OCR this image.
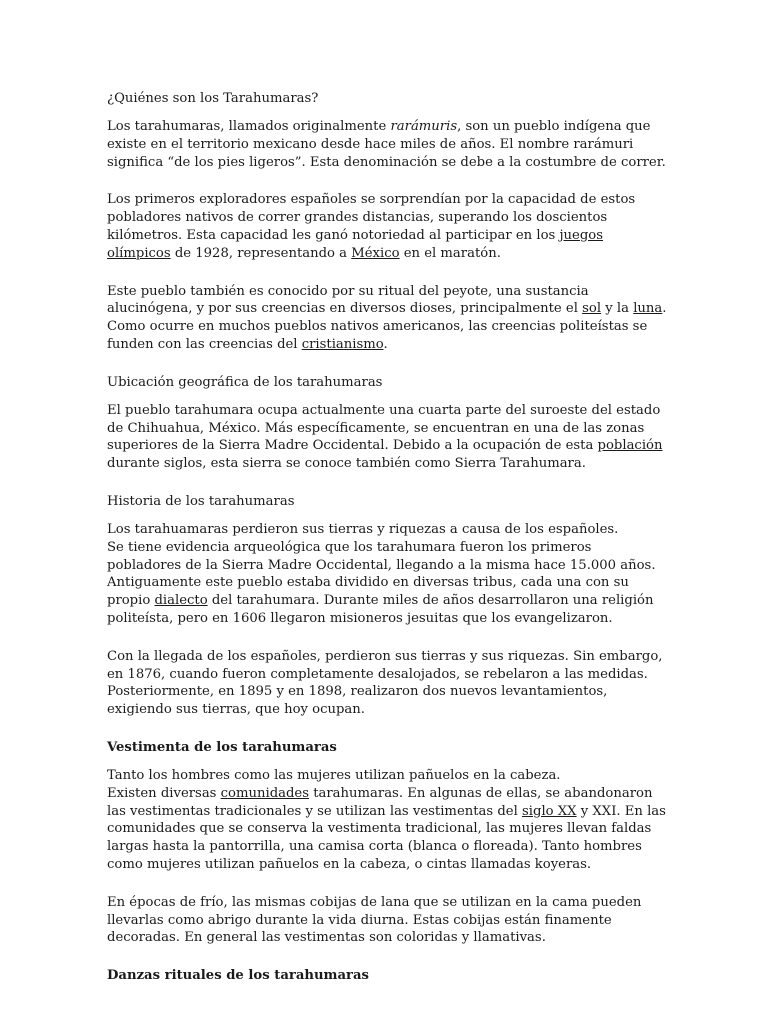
¿Quiénes son los Tarahumaras?

Los tarahumaras, llamados originalmente rarámuris, son un pueblo indígena que existe en el territorio mexicano desde hace miles de años. El nombre rarámuri significa “de los pies ligeros”. Esta denominación se debe a la costumbre de correr.

Los primeros exploradores españoles se sorprendían por la capacidad de estos pobladores nativos de correr grandes distancias, superando los doscientos kilómetros. Esta capacidad les ganó notoriedad al participar en los juegos olímpicos de 1928, representando a México en el maratón.

Este pueblo también es conocido por su ritual del peyote, una sustancia alucinógena, y por sus creencias en diversos dioses, principalmente el sol y la luna. Como ocurre en muchos pueblos nativos americanos, las creencias politeístas se funden con las creencias del cristianismo.

Ubicación geográfica de los tarahumaras

El pueblo tarahumara ocupa actualmente una cuarta parte del suroeste del estado de Chihuahua, México. Más específicamente, se encuentran en una de las zonas superiores de la Sierra Madre Occidental. Debido a la ocupación de esta población durante siglos, esta sierra se conoce también como Sierra Tarahumara.

Historia de los tarahumaras

Los tarahuamaras perdieron sus tierras y riquezas a causa de los españoles.
Se tiene evidencia arqueológica que los tarahumara fueron los primeros pobladores de la Sierra Madre Occidental, llegando a la misma hace 15.000 años. Antiguamente este pueblo estaba dividido en diversas tribus, cada una con su propio dialecto del tarahumara. Durante miles de años desarrollaron una religión politeísta, pero en 1606 llegaron misioneros jesuitas que los evangelizaron.

Con la llegada de los españoles, perdieron sus tierras y sus riquezas. Sin embargo, en 1876, cuando fueron completamente desalojados, se rebelaron a las medidas. Posteriormente, en 1895 y en 1898, realizaron dos nuevos levantamientos, exigiendo sus tierras, que hoy ocupan.

Vestimenta de los tarahumaras

Tanto los hombres como las mujeres utilizan pañuelos en la cabeza.
Existen diversas comunidades tarahumaras. En algunas de ellas, se abandonaron las vestimentas tradicionales y se utilizan las vestimentas del siglo XX y XXI. En las comunidades que se conserva la vestimenta tradicional, las mujeres llevan faldas largas hasta la pantorrilla, una camisa corta (blanca o floreada). Tanto hombres como mujeres utilizan pañuelos en la cabeza, o cintas llamadas koyeras.

En épocas de frío, las mismas cobijas de lana que se utilizan en la cama pueden llevarlas como abrigo durante la vida diurna. Estas cobijas están finamente decoradas. En general las vestimentas son coloridas y llamativas.

Danzas rituales de los tarahumaras
